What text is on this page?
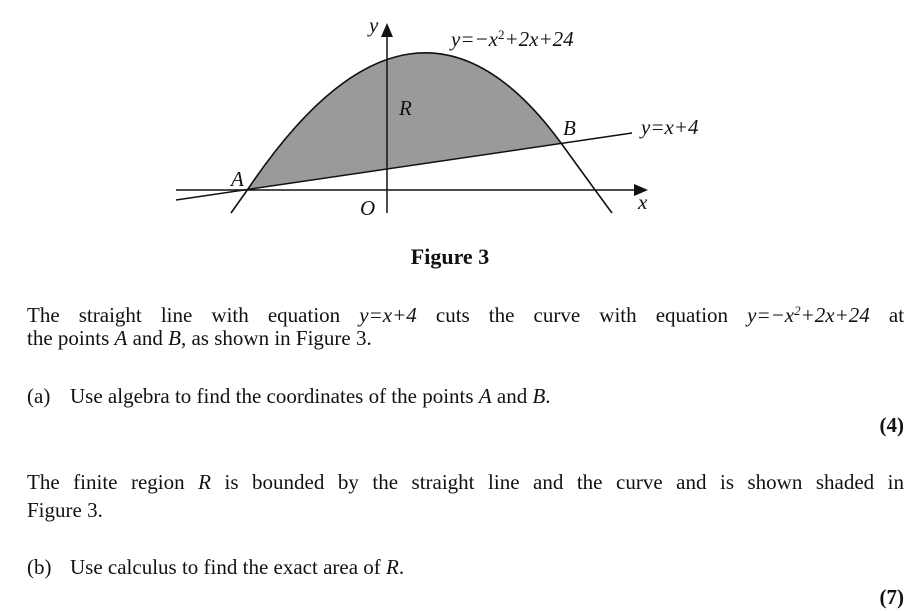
y
x
O
R
A
B	y=x+4
$y=-x^2+2x+24$
Figure 3
The straight line with equation y=x+4 cuts the curve with equation $y=-x^2+2x+24$ at
the points A and B, as shown in Figure 3.
(a) Use algebra to find the coordinates of the points A and B.
(4)
The finite region R is bounded by the straight line and the curve and is shown shaded in
Figure 3.
(b) Use calculus to find the exact area of R.
(7)
